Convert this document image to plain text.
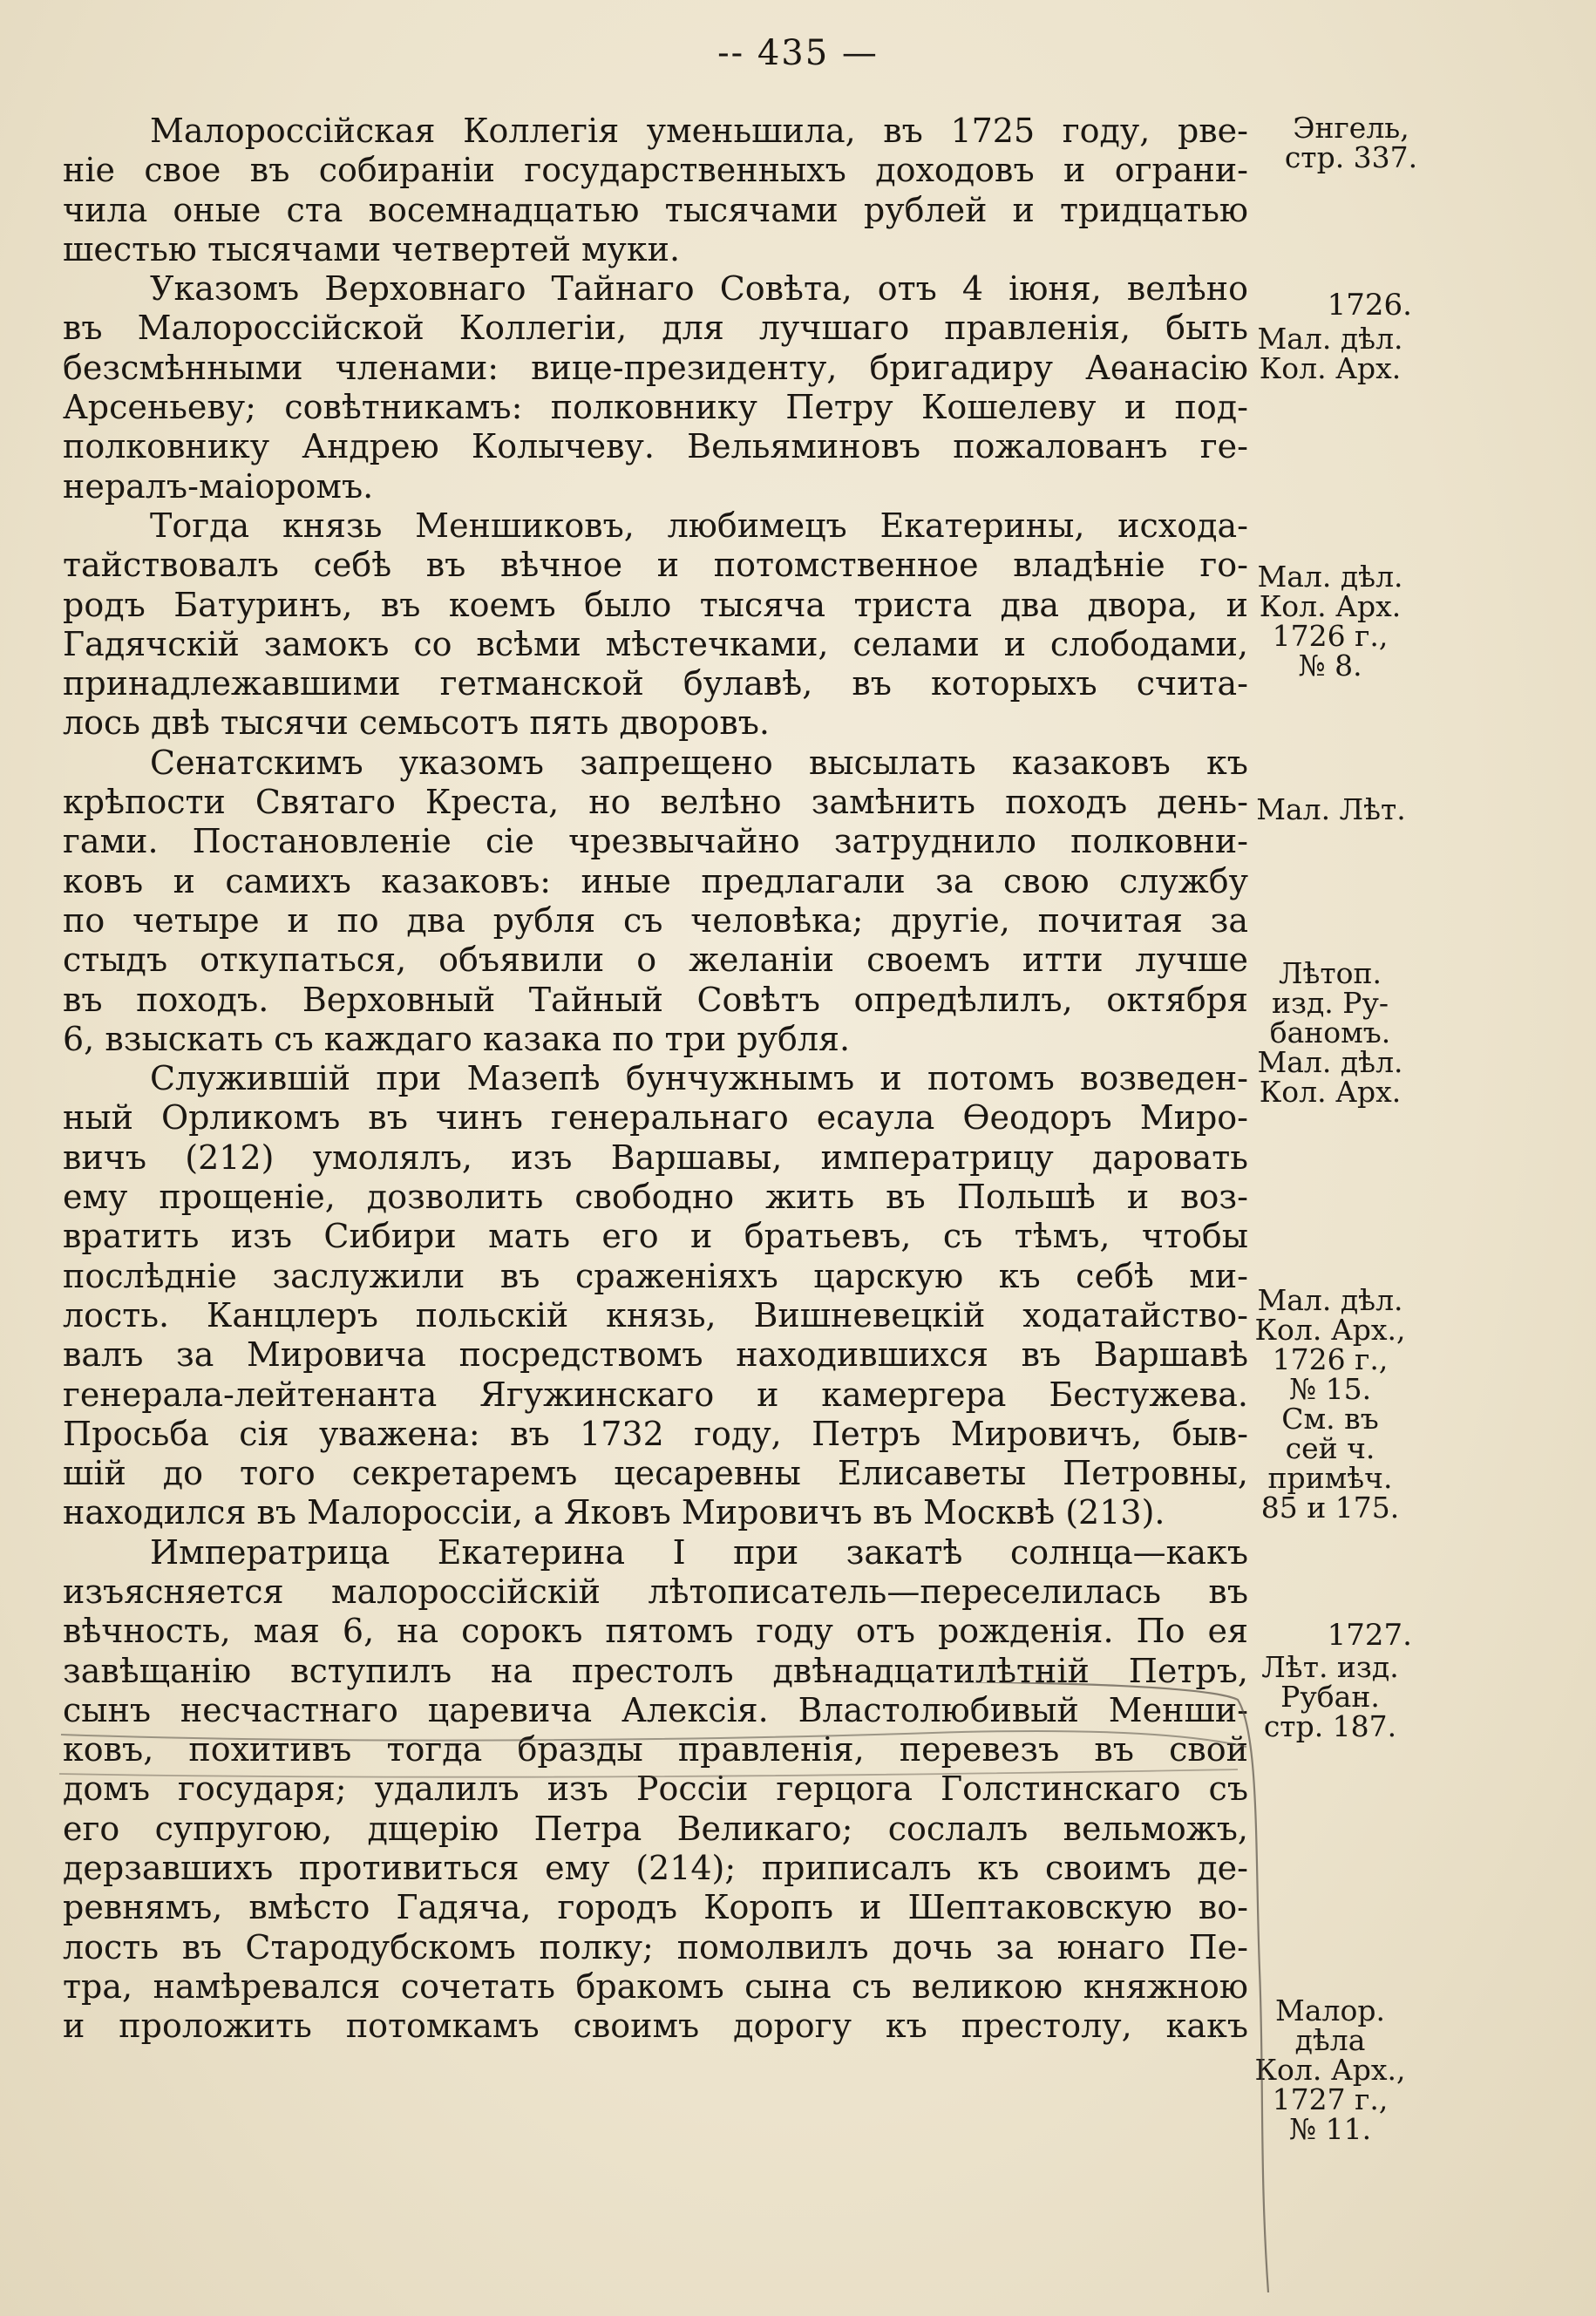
-- 435 —
Малороссійская Коллегія уменьшила, въ 1725 году, рве-
ніе свое въ собираніи государственныхъ доходовъ и ограни-
чила оные ста восемнадцатью тысячами рублей и тридцатью
шестью тысячами четвертей муки.
Указомъ Верховнаго Тайнаго Совѣта, отъ 4 іюня, велѣно
въ Малороссійской Коллегіи, для лучшаго правленія, быть
безсмѣнными членами: вице-президенту, бригадиру Аѳанасію
Арсеньеву; совѣтникамъ: полковнику Петру Кошелеву и под-
полковнику Андрею Колычеву. Вельяминовъ пожалованъ ге-
нералъ-маіоромъ.
Тогда князь Меншиковъ, любимецъ Екатерины, исхода-
тайствовалъ себѣ въ вѣчное и потомственное владѣніе го-
родъ Батуринъ, въ коемъ было тысяча триста два двора, и
Гадячскій замокъ со всѣми мѣстечками, селами и слободами,
принадлежавшими гетманской булавѣ, въ которыхъ счита-
лось двѣ тысячи семьсотъ пять дворовъ.
Сенатскимъ указомъ запрещено высылать казаковъ къ
крѣпости Святаго Креста, но велѣно замѣнить походъ день-
гами. Постановленіе сіе чрезвычайно затруднило полковни-
ковъ и самихъ казаковъ: иные предлагали за свою службу
по четыре и по два рубля съ человѣка; другіе, почитая за
стыдъ откупаться, объявили о желаніи своемъ итти лучше
въ походъ. Верховный Тайный Совѣтъ опредѣлилъ, октября
6, взыскать съ каждаго казака по три рубля.
Служившій при Мазепѣ бунчужнымъ и потомъ возведен-
ный Орликомъ въ чинъ генеральнаго есаула Ѳеодоръ Миро-
вичъ (212) умолялъ, изъ Варшавы, императрицу даровать
ему прощеніе, дозволить свободно жить въ Польшѣ и воз-
вратить изъ Сибири мать его и братьевъ, съ тѣмъ, чтобы
послѣдніе заслужили въ сраженіяхъ царскую къ себѣ ми-
лость. Канцлеръ польскій князь, Вишневецкій ходатайство-
валъ за Мировича посредствомъ находившихся въ Варшавѣ
генерала-лейтенанта Ягужинскаго и камергера Бестужева.
Просьба сія уважена: въ 1732 году, Петръ Мировичъ, быв-
шій до того секретаремъ цесаревны Елисаветы Петровны,
находился въ Малороссіи, а Яковъ Мировичъ въ Москвѣ (213).
Императрица Екатерина I при закатѣ солнца—какъ
изъясняется малороссійскій лѣтописатель—переселилась въ
вѣчность, мая 6, на сорокъ пятомъ году отъ рожденія. По ея
завѣщанію вступилъ на престолъ двѣнадцатилѣтній Петръ,
сынъ несчастнаго царевича Алексія. Властолюбивый Менши-
ковъ, похитивъ тогда бразды правленія, перевезъ въ свой
домъ государя; удалилъ изъ Россіи герцога Голстинскаго съ
его супругою, дщерію Петра Великаго; сослалъ вельможъ,
дерзавшихъ противиться ему (214); приписалъ къ своимъ де-
ревнямъ, вмѣсто Гадяча, городъ Коропъ и Шептаковскую во-
лость въ Стародубскомъ полку; помолвилъ дочь за юнаго Пе-
тра, намѣревался сочетать бракомъ сына съ великою княжною
и проложить потомкамъ своимъ дорогу къ престолу, какъ
Энгель,
стр. 337.
1726.
Мал. дѣл.
Кол. Арх.
Мал. дѣл.
Кол. Арх.
1726 г.,
№ 8.
Мал. Лѣт.
Лѣтоп.
изд. Ру-
баномъ.
Мал. дѣл.
Кол. Арх.
Мал. дѣл.
Кол. Арх.,
1726 г.,
№ 15.
См. въ
сей ч.
примѣч.
85 и 175.
1727.
Лѣт. изд.
Рубан.
стр. 187.
Малор.
дѣла
Кол. Арх.,
1727 г.,
№ 11.
